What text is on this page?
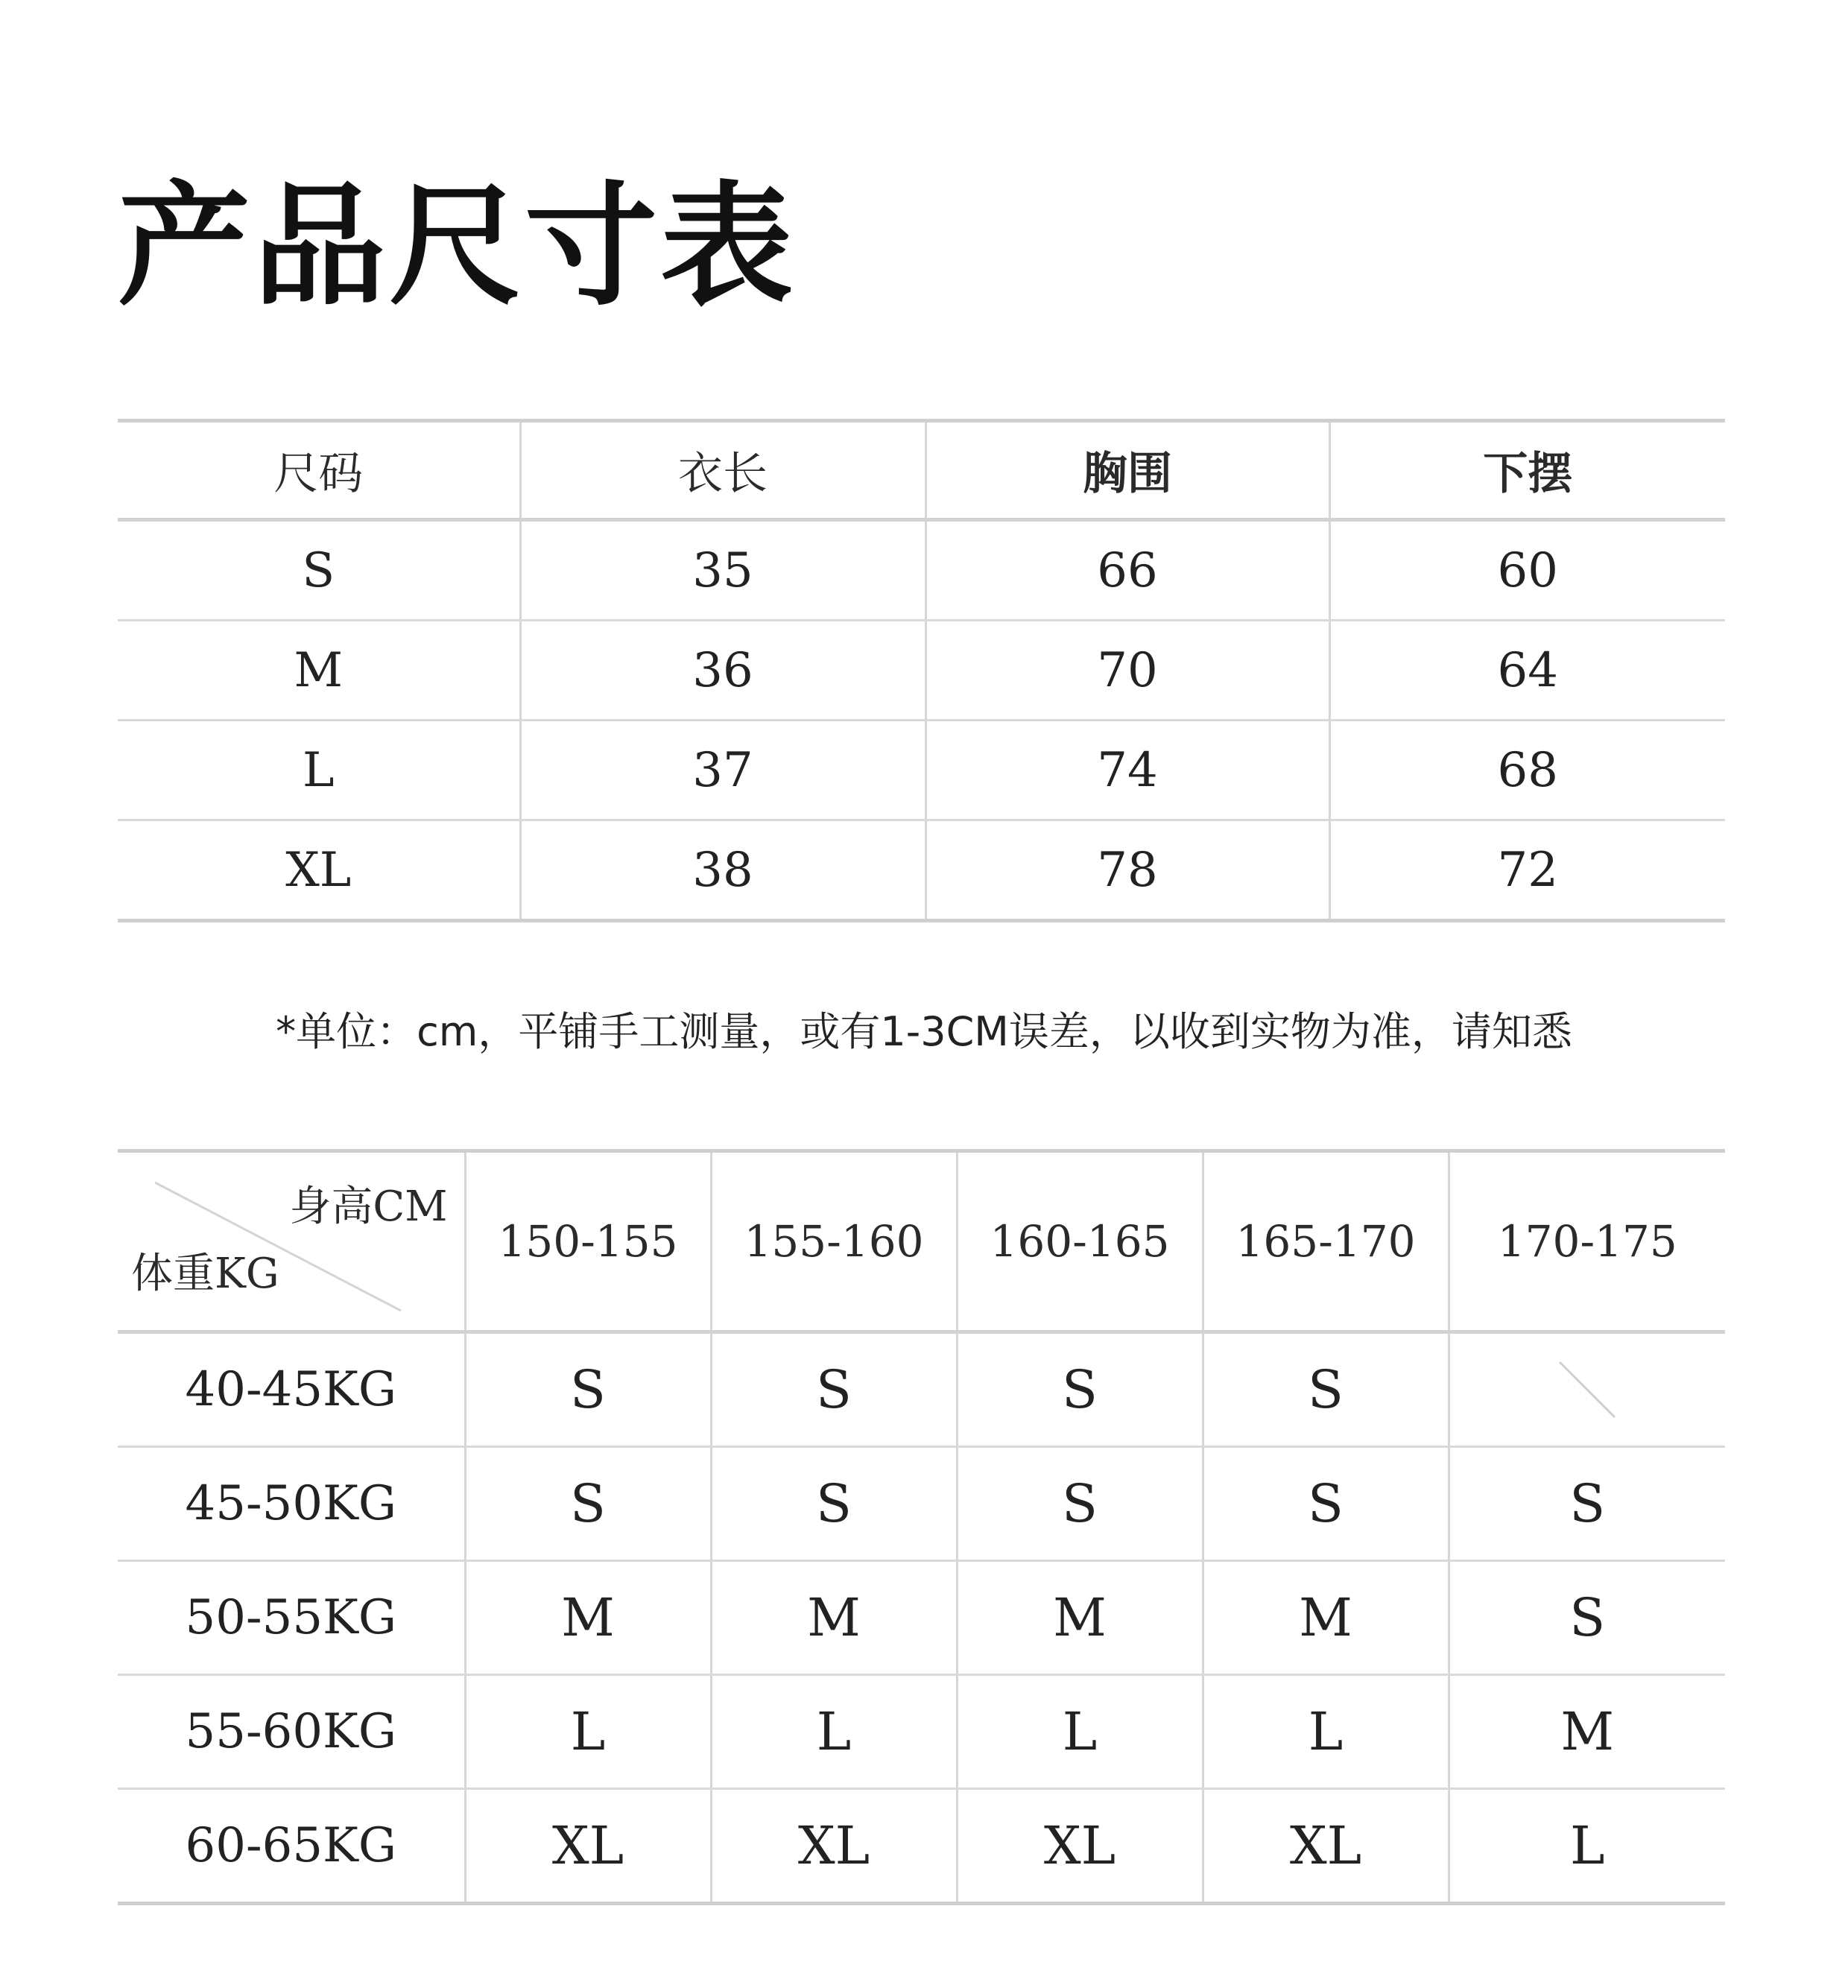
产品尺寸表
尺码	衣长	胸围	下摆
S	35	66	60
M	36	70	64
L	37	74	68
XL	38	78	72
*单位：cm，平铺手工测量，或有1-3CM误差，以收到实物为准，请知悉
身高CM
体重KG	150-155	155-160	160-165	165-170	170-175
40-45KG	S	S	S	S	

45-50KG	S	S	S	S	S
50-55KG	M	M	M	M	S
55-60KG	L	L	L	L	M
60-65KG	XL	XL	XL	XL	L
